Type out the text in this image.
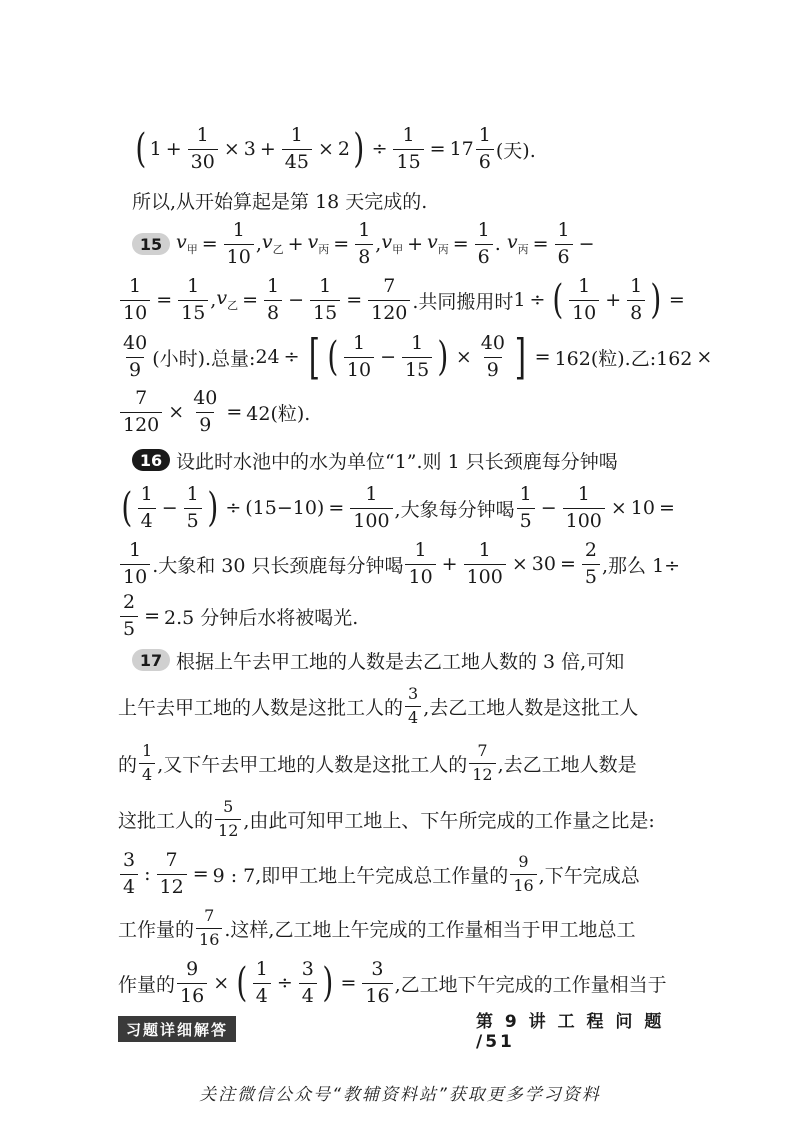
( $1 + \frac{1}{30} \times 3 + \frac{1}{45} \times 2$ ) ÷ $\frac{1}{15} = 17 \frac{1}{6}$ (天).
所以,从开始算起是第 18 天完成的.
15 $v_甲 = \frac{1}{10}$ , $v_乙 + v_丙 = \frac{1}{8}$ , $v_甲 + v_丙 = \frac{1}{6}$ . $v_丙 = \frac{1}{6}$ −
$\frac{1}{10} = \frac{1}{15}$ , $v_乙 = \frac{1}{8} - \frac{1}{15} = \frac{7}{120}$ .共同搬用时 1 ÷ ( $\frac{1}{10} + \frac{1}{8}$ ) =
$\frac{40}{9}$ (小时).总量: 24 ÷ [ ( $\frac{1}{10} - \frac{1}{15}$ ) × $\frac{40}{9}$ ] = 162(粒).乙:162 ×
$\frac{7}{120} \times \frac{40}{9} = 42$(粒).
16 设此时水池中的水为单位“1”.则 1 只长颈鹿每分钟喝
( $\frac{1}{4} - \frac{1}{5}$ ) ÷ $(15-10) = \frac{1}{100}$ ,大象每分钟喝 $\frac{1}{5} - \frac{1}{100} \times 10$ =
$\frac{1}{10}$ .大象和 30 只长颈鹿每分钟喝 $\frac{1}{10} + \frac{1}{100} \times 30 = \frac{2}{5}$ ,那么 1÷
$\frac{2}{5} = 2.5$ 分钟后水将被喝光.
17 根据上午去甲工地的人数是去乙工地人数的 3 倍,可知
上午去甲工地的人数是这批工人的 $\frac{3}{4}$ ,去乙工地人数是这批工人
的 $\frac{1}{4}$ ,又下午去甲工地的人数是这批工人的 $\frac{7}{12}$ ,去乙工地人数是
这批工人的 $\frac{5}{12}$ ,由此可知甲工地上、下午所完成的工作量之比是:
$\frac{3}{4}$ : $\frac{7}{12} = 9$ : 7,即甲工地上午完成总工作量的 $\frac{9}{16}$ ,下午完成总
工作量的 $\frac{7}{16}$ .这样,乙工地上午完成的工作量相当于甲工地总工
作量的 $\frac{9}{16}$ × ( $\frac{1}{4} \div \frac{3}{4}$ ) = $\frac{3}{16}$ ,乙工地下午完成的工作量相当于
习题详细解答	第 9 讲 工 程 问 题 /51
关注微信公众号“教辅资料站”获取更多学习资料
